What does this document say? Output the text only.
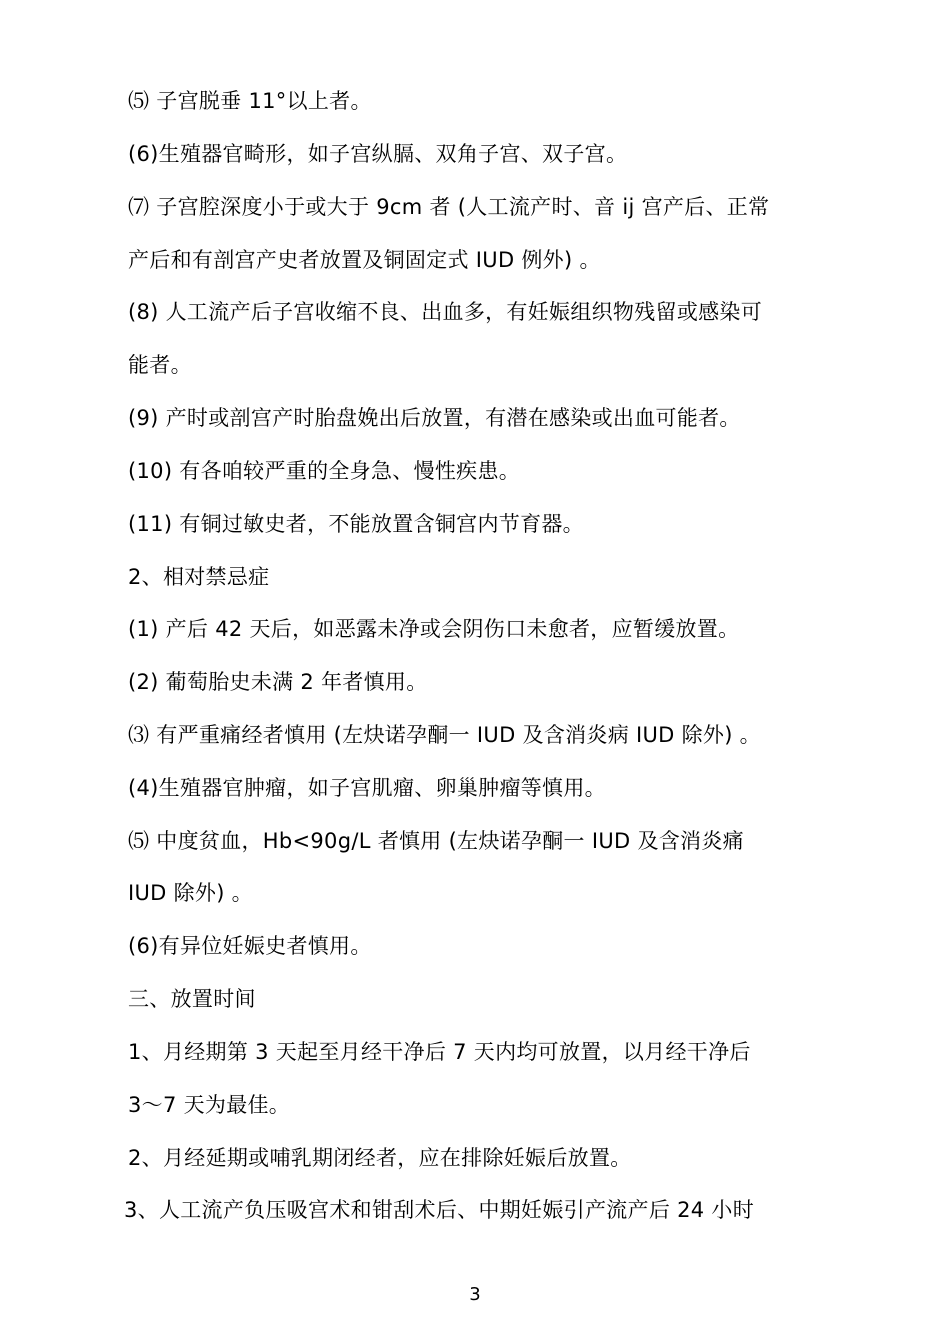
⑸ 子宫脱垂 11°以上者。
(6)生殖器官畸形，如子宫纵膈、双角子宫、双子宫。
⑺ 子宫腔深度小于或大于 9cm 者 (人工流产时、音 ij 宫产后、正常
产后和有剖宫产史者放置及铜固定式 IUD 例外) 。
(8) 人工流产后子宫收缩不良、出血多，有妊娠组织物残留或感染可
能者。
(9) 产时或剖宫产时胎盘娩出后放置，有潜在感染或出血可能者。
(10) 有各咱较严重的全身急、慢性疾患。
(11) 有铜过敏史者，不能放置含铜宫内节育器。
2、相对禁忌症
(1) 产后 42 天后，如恶露未净或会阴伤口未愈者，应暂缓放置。
(2) 葡萄胎史未满 2 年者慎用。
⑶ 有严重痛经者慎用 (左炔诺孕酮一 IUD 及含消炎病 IUD 除外) 。
(4)生殖器官肿瘤，如子宫肌瘤、卵巢肿瘤等慎用。
⑸ 中度贫血，Hb<90g/L 者慎用 (左炔诺孕酮一 IUD 及含消炎痛
IUD 除外) 。
(6)有异位妊娠史者慎用。
三、放置时间
1、月经期第 3 天起至月经干净后 7 天内均可放置，以月经干净后
3〜7 天为最佳。
2、月经延期或哺乳期闭经者，应在排除妊娠后放置。
3、人工流产负压吸宫术和钳刮术后、中期妊娠引产流产后 24 小时
3
